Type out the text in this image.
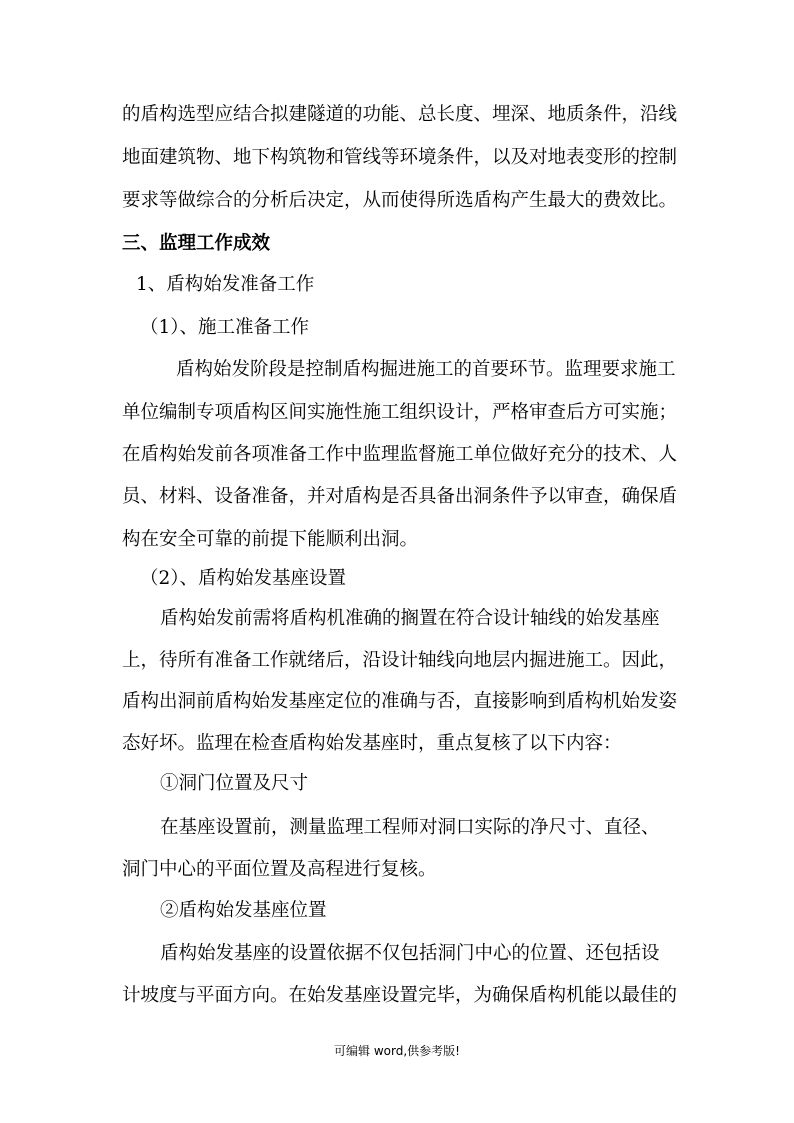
的盾构选型应结合拟建隧道的功能、总长度、埋深、地质条件，沿线
地面建筑物、地下构筑物和管线等环境条件，以及对地表变形的控制
要求等做综合的分析后决定，从而使得所选盾构产生最大的费效比。
三、监理工作成效
1、盾构始发准备工作
（1）、施工准备工作
盾构始发阶段是控制盾构掘进施工的首要环节。监理要求施工
单位编制专项盾构区间实施性施工组织设计，严格审查后方可实施；
在盾构始发前各项准备工作中监理监督施工单位做好充分的技术、人
员、材料、设备准备，并对盾构是否具备出洞条件予以审查，确保盾
构在安全可靠的前提下能顺利出洞。
（2）、盾构始发基座设置
盾构始发前需将盾构机准确的搁置在符合设计轴线的始发基座
上，待所有准备工作就绪后，沿设计轴线向地层内掘进施工。因此，
盾构出洞前盾构始发基座定位的准确与否，直接影响到盾构机始发姿
态好坏。监理在检查盾构始发基座时，重点复核了以下内容：
①洞门位置及尺寸
在基座设置前，测量监理工程师对洞口实际的净尺寸、直径、
洞门中心的平面位置及高程进行复核。
②盾构始发基座位置
盾构始发基座的设置依据不仅包括洞门中心的位置、还包括设
计坡度与平面方向。在始发基座设置完毕，为确保盾构机能以最佳的
可编辑 word,供参考版!
